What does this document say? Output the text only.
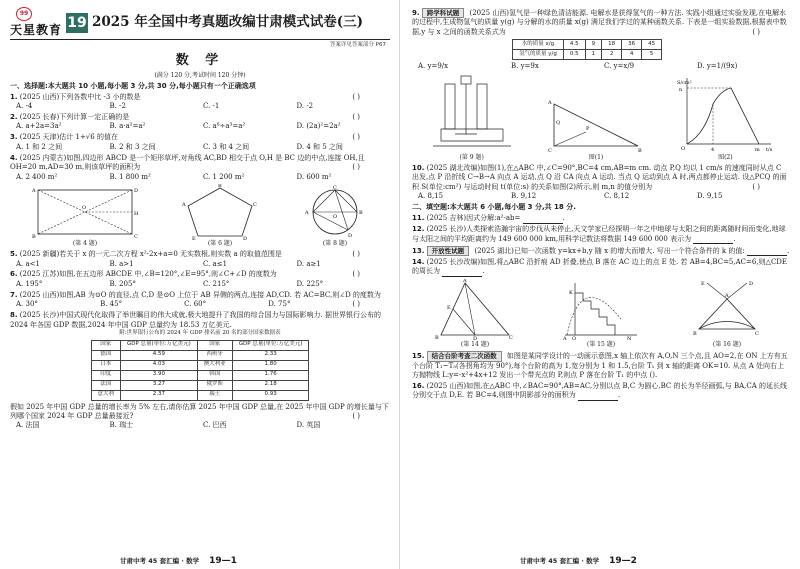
99
天星教育 19 2025 年全国中考真题改编甘肃模式试卷(三)
答案详见答案部分 P67
数 学
(满分 120 分,考试时间 120 分钟)
一、选择题:本大题共 10 小题,每小题 3 分,共 30 分,每小题只有一个正确选项
1. (2025 山西)下列各数中比 -3 小的数是	( )
A. -4	B. -2	C. -1	D. -2
2. (2025 长春)下列计算一定正确的是	( )
A. a+2a=3a²	B. a·a²=a²	C. a⁶÷a³=a²	D. (2a)²=2a²
3. (2025 天津)估计 1+√6 的值在	( )
A. 1 和 2 之间	B. 2 和 3 之间	C. 3 和 4 之间	D. 4 和 5 之间
4. (2025 内蒙古)如图,四边形 ABCD 是一个矩形草坪,对角线 AC,BD 相交于点 O,H 是 BC 边的中点,连接 OH,且 OH=20 m,AD=30 m,则该草坪的面积为	( )
A. 2 400 m²	B. 1 800 m²	C. 1 200 m²	D. 600 m²
A	D
B	C
O
H
(第 4 题)
B
C
D
E
A
(第 6 题)
A	B
C
D
O
(第 8 题)
5. (2025 新疆)若关于 x 的一元二次方程 x²-2x+a=0 无实数根,则实数 a 的取值范围是	( )
A. a<1	B. a>1	C. a≤1	D. a≥1
6. (2025 江苏)如图,在五边形 ABCDE 中,∠B=120°,∠E=95°,则∠C+∠D 的度数为	( )
A. 195°	B. 205°	C. 215°	D. 225°
7. (2025 山西)如图,AB 为⊙O 的直径,点 C,D 是⊙O 上位于 AB 异侧的两点,连接 AD,CD. 若 AC=BC,则∠D 的度数为
( )
A. 30°	B. 45°	C. 60°	D. 75°
8. (2025 长沙)中国式现代化取得了举世瞩目的伟大成就,极大地提升了我国的综合国力与国际影响力. 据世界银行公布的 2024 年各国 GDP 数据,2024 年中国 GDP 总量约为 18.53 万亿美元.
附:世界银行公布的 2024 年 GDP 排名前 20 名的部分国家数据表
国家	GDP 总量(单位:万亿美元)	国家	GDP 总量(单位:万亿美元)
德国	4.59	西班牙	2.33
日本	4.03	澳大利亚	1.80
印度	3.90	韩国	1.76
法国	3.27	俄罗斯	2.18
意大利	2.37	瑞士	0.93
假如 2025 年中国 GDP 总量的增长率为 5% 左右,请你估算 2025 年中国 GDP 总量,在 2025 年中国 GDP 的增长量与下列哪个国家 2024 年 GDP 总量最接近?	( )
A. 法国	B. 瑞士	C. 巴西	D. 英国
甘肃中考 45 套汇编 · 数学 19—1
9. 跨学科试题 (2025 山西)氢气是一种绿色清洁能源. 电解水是获得氢气的一种方法. 实践小组通过实验发现,在电解水的过程中,生成物氢气的质量 y(g) 与分解的水的质量 x(g) 满足我们学过的某种函数关系. 下表是一组实验数据,根据表中数据,y 与 x 之间的函数关系式为	( )
水的质量 x/g	4.5	9	18	36	45
氢气的质量 y/g	0.5	1	2	4	5
A. y=9/x	B. y=9x	C. y=x/9	D. y=1/(9x)
(第 9 题)
A
C	B
P
Q
图(1)
S/cm²
n
4	m t/s
O
图(2)
10. (2025 湖北改编)如图(1),在△ABC 中,∠C=90°,BC=4 cm,AB=m cm. 动点 P,Q 均以 1 cm/s 的速度同时从点 C 出发,点 P 沿折线 C→B→A 向点 A 运动,点 Q 沿 CA 向点 A 运动. 当点 Q 运动到点 A 时,两点都停止运动. 设△PCQ 的面积 S(单位:cm²) 与运动时间 t(单位:s) 的关系如图(2)所示,则 m,n 的值分别为	( )
A. 8,15	B. 9,12	C. 8,12	D. 9,15
二、填空题:本大题共 6 小题,每小题 3 分,共 18 分.
11. (2025 吉林)因式分解:a²-ab=	.
12. (2025 长沙)人类探索浩瀚宇宙的步伐从未停止,天文学家已经探明一年之中地球与太阳之间的距离随时间而变化,地球与太阳之间的平均距离约为 149 600 000 km,用科学记数法将数据 149 600 000 表示为	.
13. 开放性试题 (2025 湖北)已知一次函数 y=kx+b,y 随 x 的增大而增大. 写出一个符合条件的 k 的值:	.
14. (2025 长沙改编)如图,将△ABC 沿折痕 AD 折叠,使点 B 落在 AC 边上的点 E 处. 若 AB=4,BC=5,AC=6,则△CDE 的周长为	.
A
B	C
D
E
(第 14 题)
A O	N
K
(第 15 题)
A
B	C
E	D
(第 16 题)
15. 结合台阶考查二次函数 如图是某同学设计的一动画示意图,x 轴上依次有 A,O,N 三个点,且 AO=2,在 ON 上方有五个台阶 T₁~T₅(各拐角均为 90°),每个台阶的高为 1,宽分别为 1 和 1.5,台阶 T₁ 到 x 轴的距离 OK=10. 从点 A 处向右上方抛物线 L:y=-x²+4x+12 发出一个带光点的 P,则点 P 落在台阶 T₁ 的中点 ().
16. (2025 山西)如图,在△ABC 中,∠BAC=90°,AB=AC,分别以点 B,C 为圆心,BC 的长为半径画弧,与 BA,CA 的延长线分别交于点 D,E. 若 BC=4,则图中阴影部分的面积为	.
甘肃中考 45 套汇编 · 数学 19—2
